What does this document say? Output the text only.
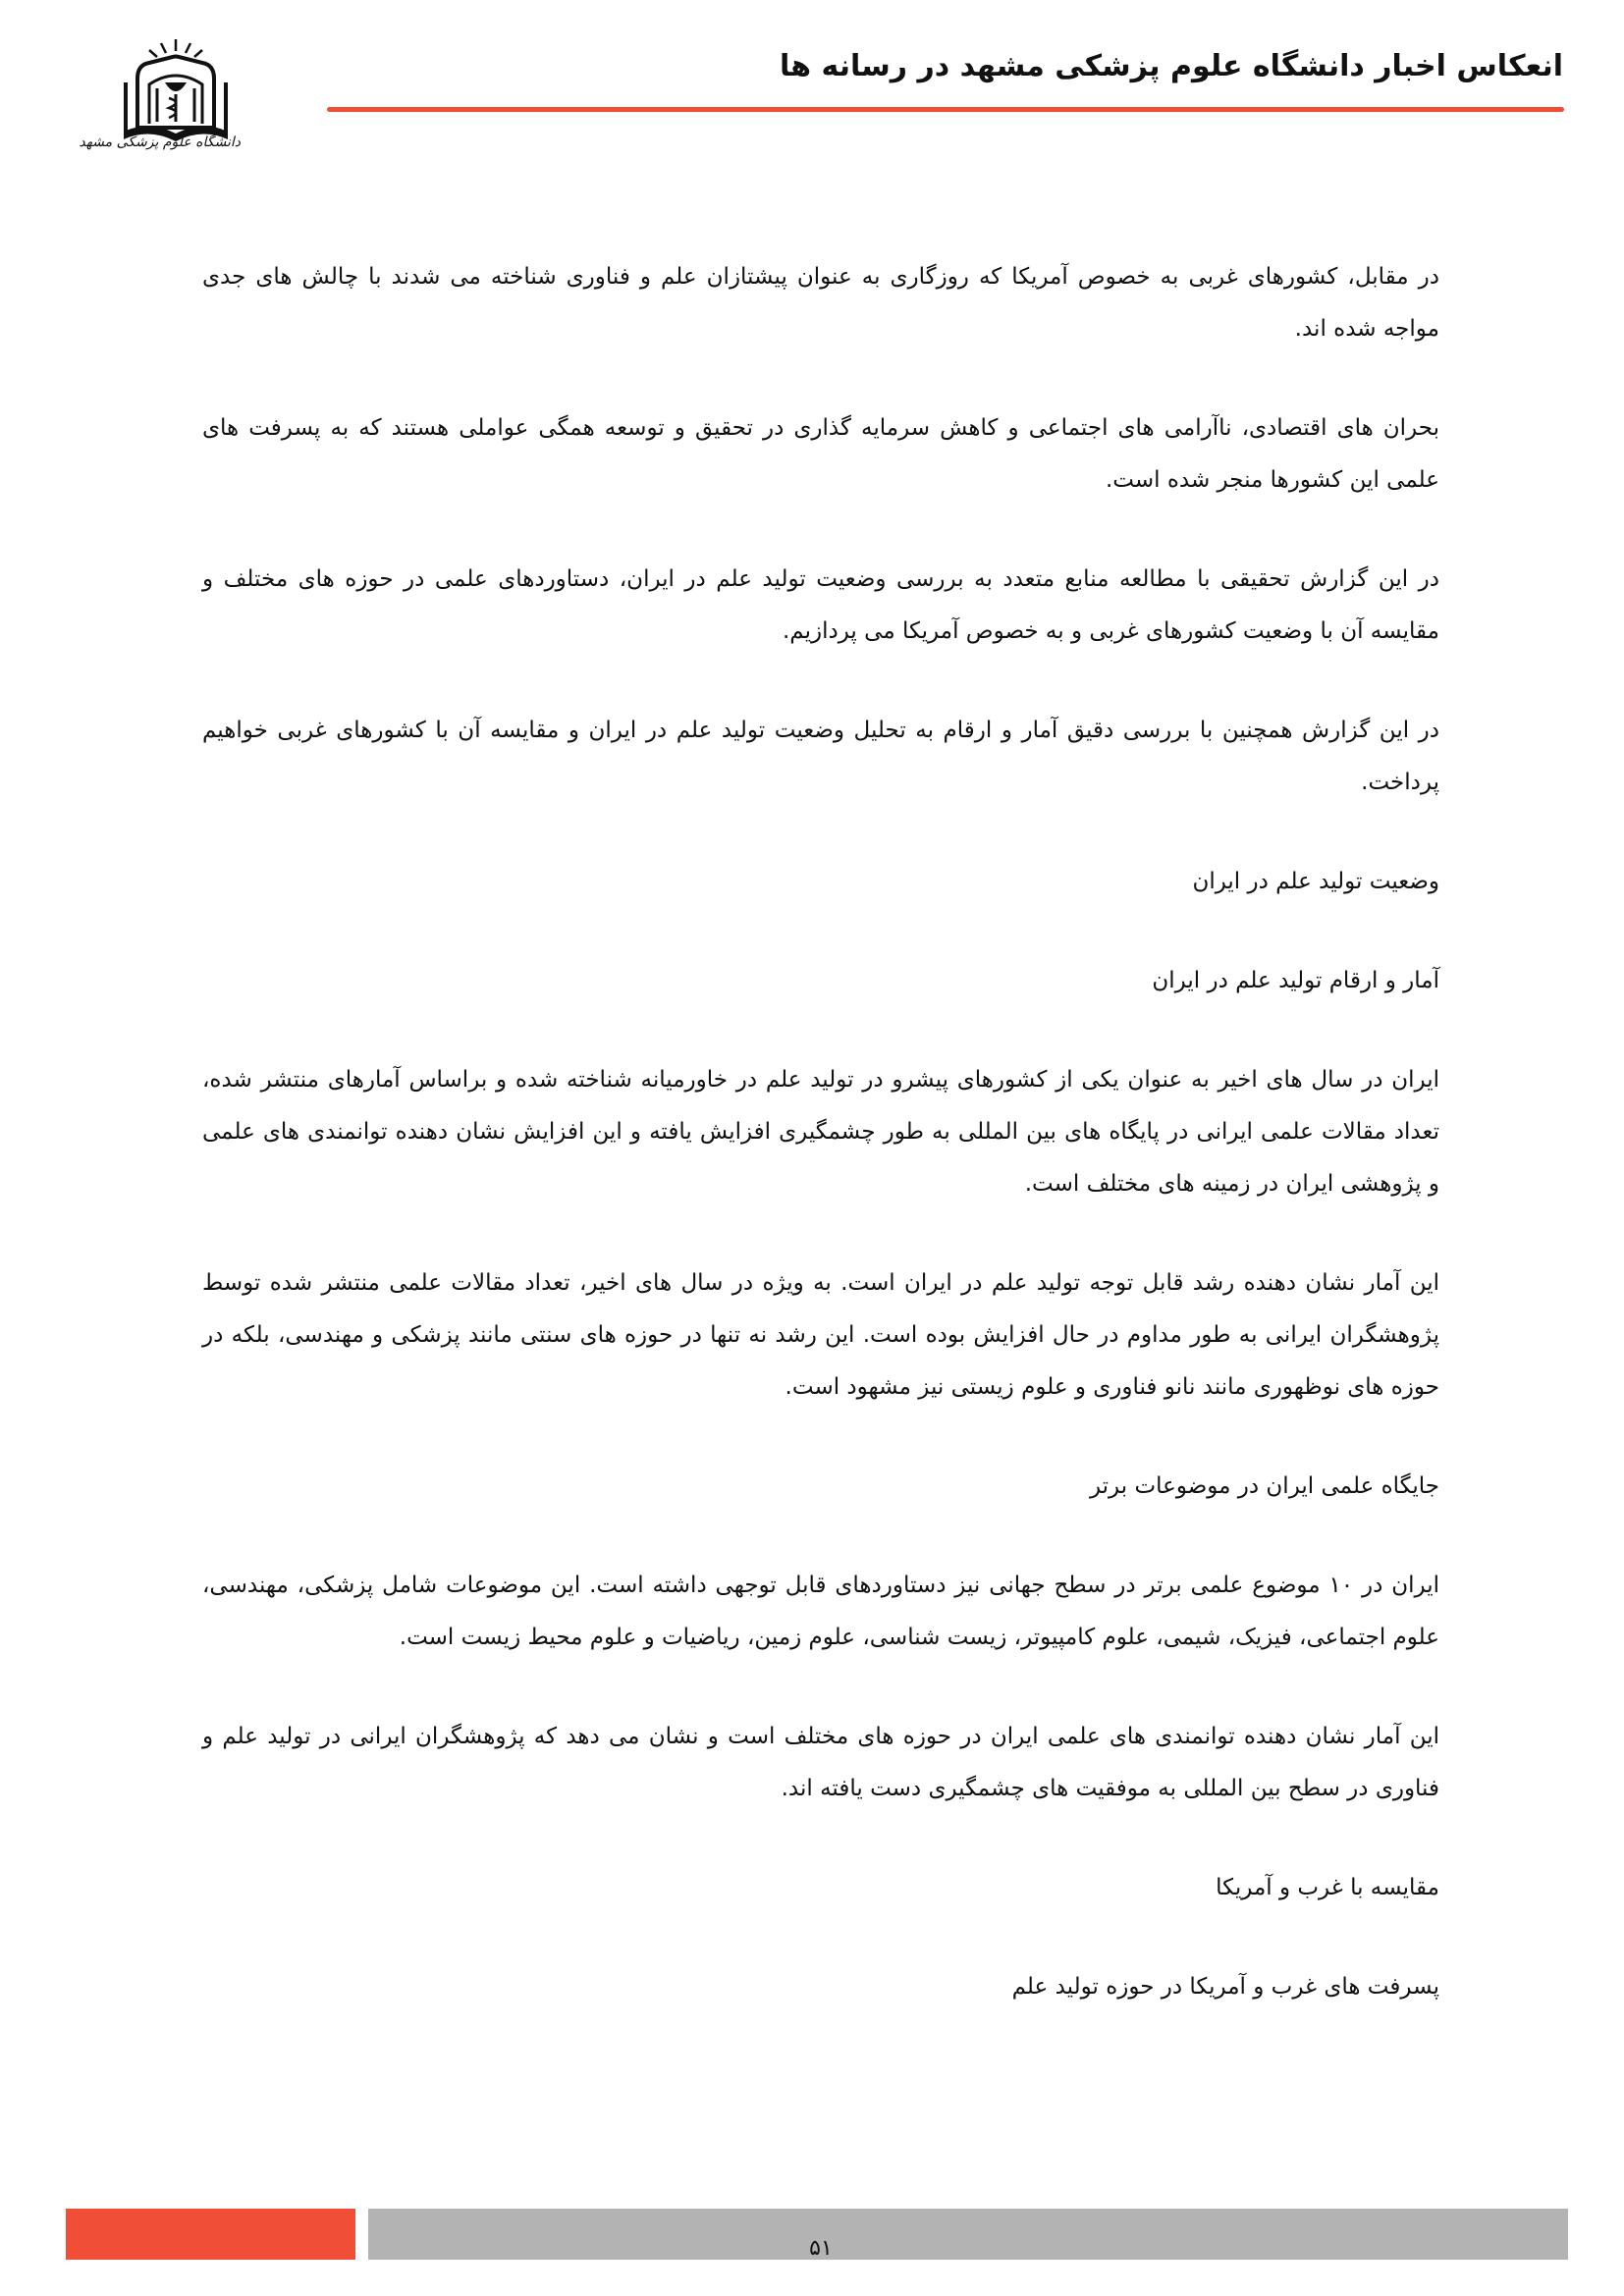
انعکاس اخبار دانشگاه علوم پزشکی مشهد در رسانه ها
دانشگاه علوم پزشکی مشهد

در مقابل، کشورهای غربی به خصوص آمریکا که روزگاری به عنوان پیشتازان علم و فناوری شناخته می شدند با چالش های جدی مواجه شده اند.

بحران های اقتصادی، ناآرامی های اجتماعی و کاهش سرمایه گذاری در تحقیق و توسعه همگی عواملی هستند که به پسرفت های علمی این کشورها منجر شده است.

در این گزارش تحقیقی با مطالعه منابع متعدد به بررسی وضعیت تولید علم در ایران، دستاوردهای علمی در حوزه های مختلف و مقایسه آن با وضعیت کشورهای غربی و به خصوص آمریکا می پردازیم.

در این گزارش همچنین با بررسی دقیق آمار و ارقام به تحلیل وضعیت تولید علم در ایران و مقایسه آن با کشورهای غربی خواهیم پرداخت.

وضعیت تولید علم در ایران

آمار و ارقام تولید علم در ایران

ایران در سال های اخیر به عنوان یکی از کشورهای پیشرو در تولید علم در خاورمیانه شناخته شده و براساس آمارهای منتشر شده، تعداد مقالات علمی ایرانی در پایگاه های بین المللی به طور چشمگیری افزایش یافته و این افزایش نشان دهنده توانمندی های علمی و پژوهشی ایران در زمینه های مختلف است.

این آمار نشان دهنده رشد قابل توجه تولید علم در ایران است. به ویژه در سال های اخیر، تعداد مقالات علمی منتشر شده توسط پژوهشگران ایرانی به طور مداوم در حال افزایش بوده است. این رشد نه تنها در حوزه های سنتی مانند پزشکی و مهندسی، بلکه در حوزه های نوظهوری مانند نانو فناوری و علوم زیستی نیز مشهود است.

جایگاه علمی ایران در موضوعات برتر

ایران در ۱۰ موضوع علمی برتر در سطح جهانی نیز دستاوردهای قابل توجهی داشته است. این موضوعات شامل پزشکی، مهندسی، علوم اجتماعی، فیزیک، شیمی، علوم کامپیوتر، زیست شناسی، علوم زمین، ریاضیات و علوم محیط زیست است.

این آمار نشان دهنده توانمندی های علمی ایران در حوزه های مختلف است و نشان می دهد که پژوهشگران ایرانی در تولید علم و فناوری در سطح بین المللی به موفقیت های چشمگیری دست یافته اند.

مقایسه با غرب و آمریکا

پسرفت های غرب و آمریکا در حوزه تولید علم

۵۱
